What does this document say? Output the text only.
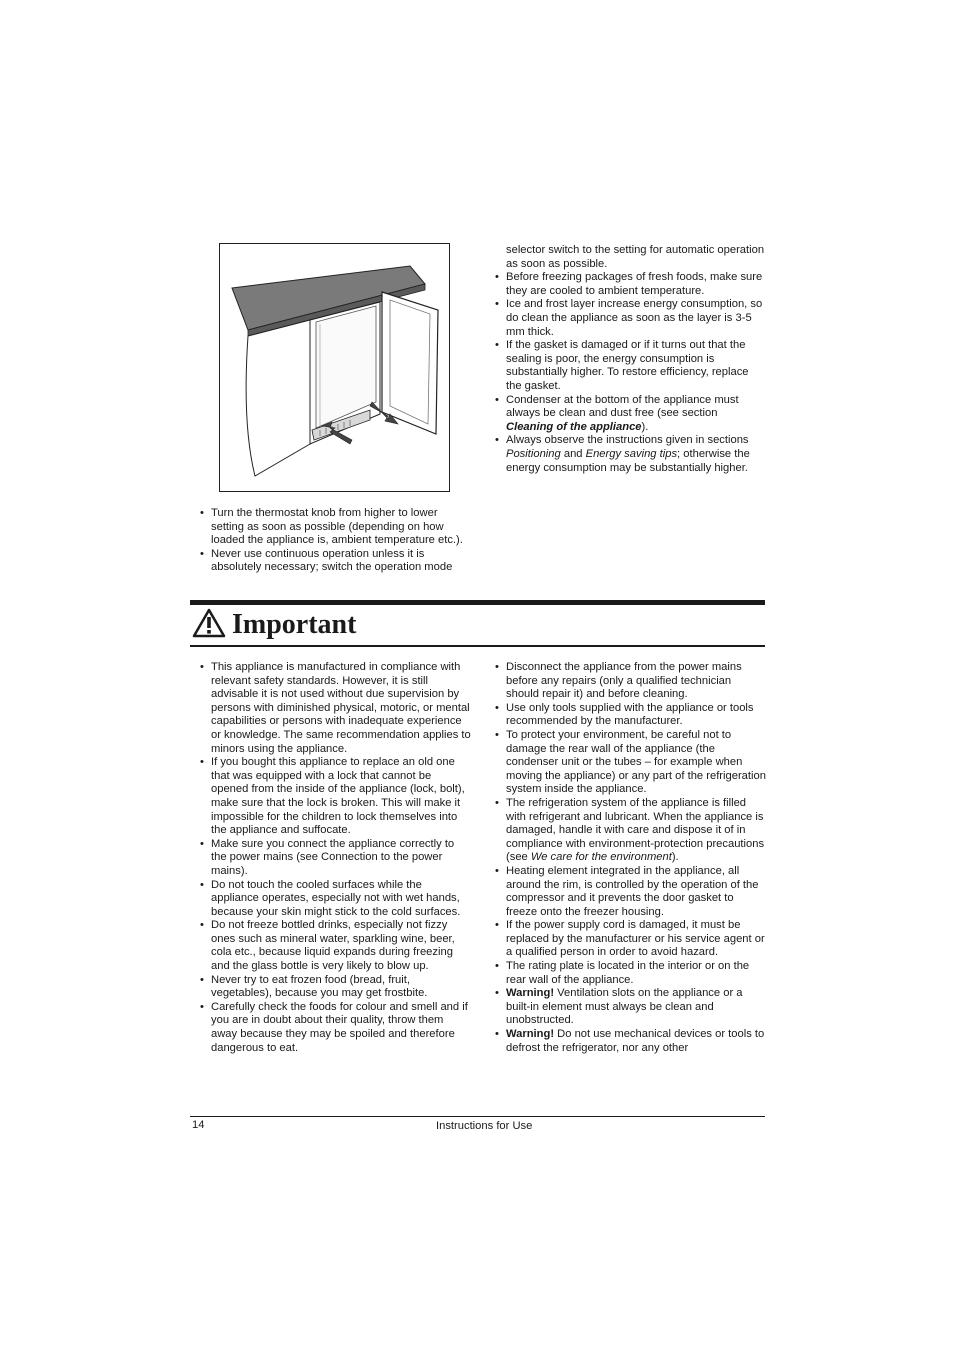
selector switch to the setting for automatic operation as soon as possible.

• Before freezing packages of fresh foods, make sure they are cooled to ambient temperature.
• Ice and frost layer increase energy consumption, so do clean the appliance as soon as the layer is 3-5 mm thick.
• If the gasket is damaged or if it turns out that the sealing is poor, the energy consumption is substantially higher. To restore efficiency, replace the gasket.
• Condenser at the bottom of the appliance must always be clean and dust free (see section Cleaning of the appliance).
• Always observe the instructions given in sections Positioning and Energy saving tips; otherwise the energy consumption may be substantially higher.
• Turn the thermostat knob from higher to lower setting as soon as possible (depending on how loaded the appliance is, ambient temperature etc.).
• Never use continuous operation unless it is absolutely necessary; switch the operation mode
Important
• This appliance is manufactured in compliance with relevant safety standards. However, it is still advisable it is not used without due supervision by persons with diminished physical, motoric, or mental capabilities or persons with inadequate experience or knowledge. The same recommendation applies to minors using the appliance.
• If you bought this appliance to replace an old one that was equipped with a lock that cannot be opened from the inside of the appliance (lock, bolt), make sure that the lock is broken. This will make it impossible for the children to lock themselves into the appliance and suffocate.
• Make sure you connect the appliance correctly to the power mains (see Connection to the power mains).
• Do not touch the cooled surfaces while the appliance operates, especially not with wet hands, because your skin might stick to the cold surfaces.
• Do not freeze bottled drinks, especially not fizzy ones such as mineral water, sparkling wine, beer, cola etc., because liquid expands during freezing and the glass bottle is very likely to blow up.
• Never try to eat frozen food (bread, fruit, vegetables), because you may get frostbite.
• Carefully check the foods for colour and smell and if you are in doubt about their quality, throw them away because they may be spoiled and therefore dangerous to eat.
• Disconnect the appliance from the power mains before any repairs (only a qualified technician should repair it) and before cleaning.
• Use only tools supplied with the appliance or tools recommended by the manufacturer.
• To protect your environment, be careful not to damage the rear wall of the appliance (the condenser unit or the tubes – for example when moving the appliance) or any part of the refrigeration system inside the appliance.
• The refrigeration system of the appliance is filled with refrigerant and lubricant. When the appliance is damaged, handle it with care and dispose it of in compliance with environment-protection precautions (see We care for the environment).
• Heating element integrated in the appliance, all around the rim, is controlled by the operation of the compressor and it prevents the door gasket to freeze onto the freezer housing.
• If the power supply cord is damaged, it must be replaced by the manufacturer or his service agent or a qualified person in order to avoid hazard.
• The rating plate is located in the interior or on the rear wall of the appliance.
• Warning! Ventilation slots on the appliance or a built-in element must always be clean and unobstructed.
• Warning! Do not use mechanical devices or tools to defrost the refrigerator, nor any other
14	Instructions for Use
